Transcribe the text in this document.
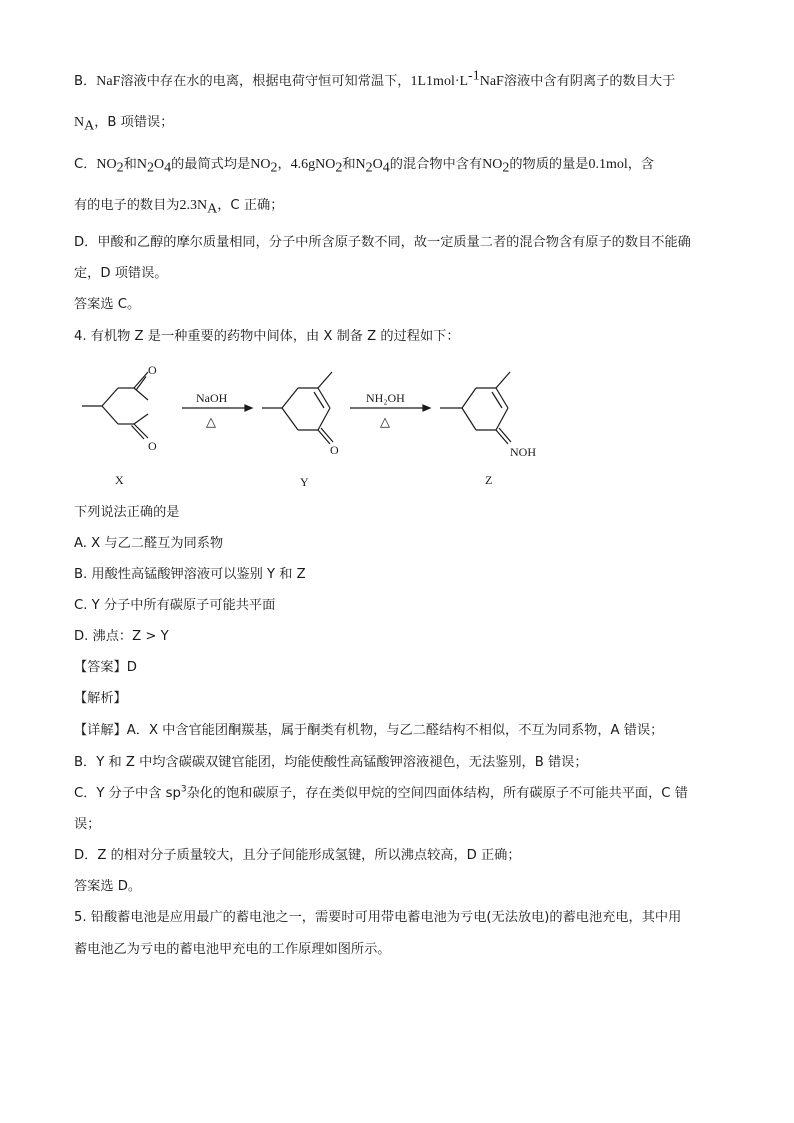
B．NaF溶液中存在水的电离，根据电荷守恒可知常温下，$1L1mol\cdot L^{-1}NaF$溶液中含有阴离子的数目大于
$N_A$，B 项错误；
C．$NO_2$和$N_2O_4$的最简式均是$NO_2$，4.6gNO$_2$和$N_2O_4$的混合物中含有$NO_2$的物质的量是0.1mol，含
有的电子的数目为$2.3N_A$，C 正确；
D．甲酸和乙醇的摩尔质量相同，分子中所含原子数不同，故一定质量二者的混合物含有原子的数目不能确
定，D 项错误。
答案选 C。
4. 有机物 Z 是一种重要的药物中间体，由 X 制备 Z 的过程如下：
O
O
NaOH
△
O
NH₂OH
△
NOH
X	Y	Z
下列说法正确的是
A. X 与乙二醛互为同系物
B. 用酸性高锰酸钾溶液可以鉴别 Y 和 Z
C. Y 分子中所有碳原子可能共平面
D. 沸点：Z > Y
【答案】D
【解析】
【详解】A．X 中含官能团酮羰基，属于酮类有机物，与乙二醛结构不相似，不互为同系物，A 错误；
B．Y 和 Z 中均含碳碳双键官能团，均能使酸性高锰酸钾溶液褪色，无法鉴别，B 错误；
C．Y 分子中含 $sp^3$杂化的饱和碳原子，存在类似甲烷的空间四面体结构，所有碳原子不可能共平面，C 错
误；
D．Z 的相对分子质量较大，且分子间能形成氢键，所以沸点较高，D 正确；
答案选 D。
5. 铅酸蓄电池是应用最广的蓄电池之一，需要时可用带电蓄电池为亏电(无法放电)的蓄电池充电，其中用
蓄电池乙为亏电的蓄电池甲充电的工作原理如图所示。
